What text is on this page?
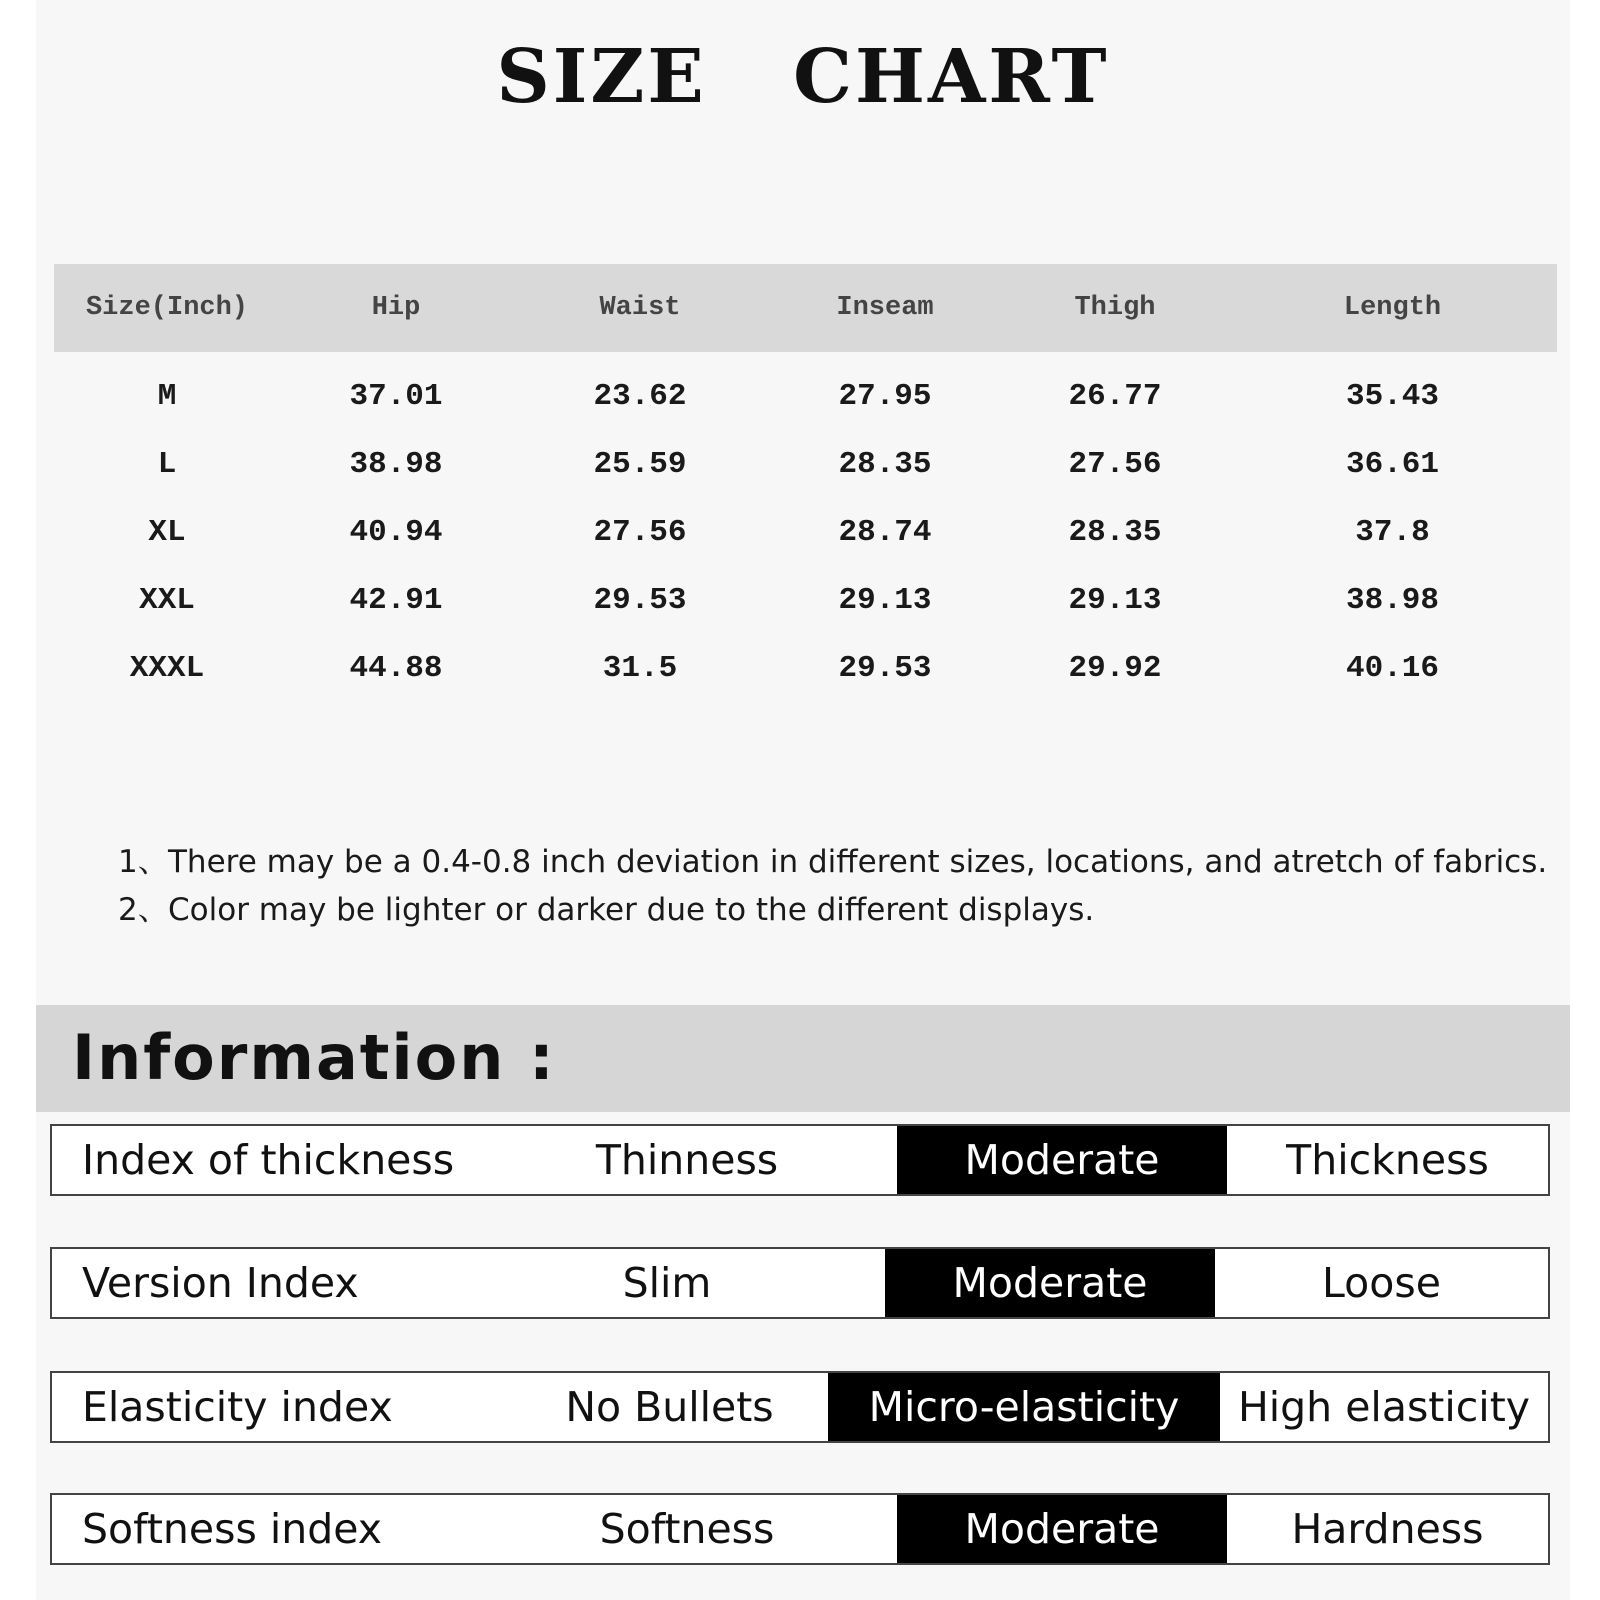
SIZE   CHART
Size(Inch)	Hip	Waist	Inseam	Thigh	Length
M	37.01	23.62	27.95	26.77	35.43
L	38.98	25.59	28.35	27.56	36.61
XL	40.94	27.56	28.74	28.35	37.8
XXL	42.91	29.53	29.13	29.13	38.98
XXXL	44.88	31.5	29.53	29.92	40.16
1、 There may be a 0.4-0.8 inch deviation in different sizes, locations, and atretch of fabrics.
2、 Color may be lighter or darker due to the different displays.
Information :
Index of thickness	Thinness	Moderate	Thickness
Version Index	Slim	Moderate	Loose
Elasticity index	No Bullets	Micro-elasticity	High elasticity
Softness index	Softness	Moderate	Hardness
